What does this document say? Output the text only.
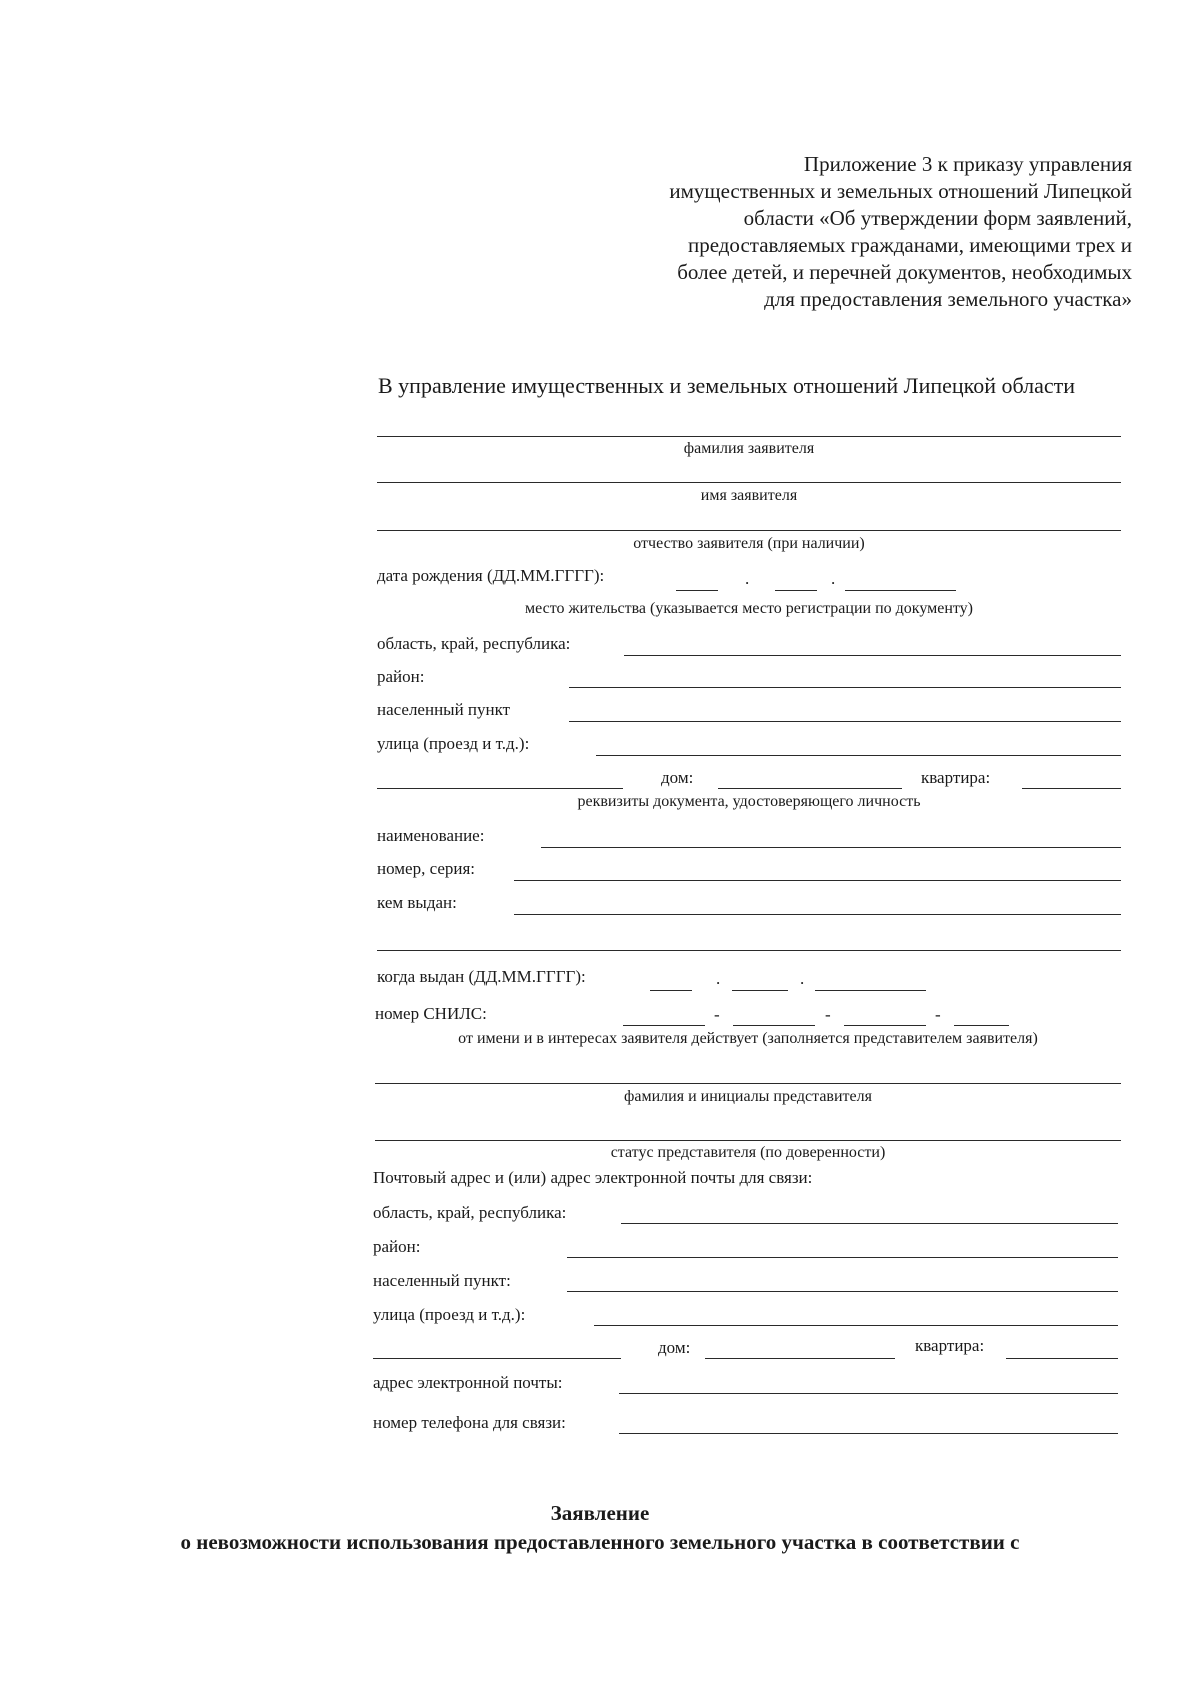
Приложение 3 к приказу управления
имущественных и земельных отношений Липецкой
области «Об утверждении форм заявлений,
предоставляемых гражданами, имеющими трех и
более детей, и перечней документов, необходимых
для предоставления земельного участка»
В управление имущественных и земельных отношений Липецкой области
фамилия заявителя
имя заявителя
отчество заявителя (при наличии)
дата рождения (ДД.ММ.ГГГГ):	.	.
место жительства (указывается место регистрации по документу)
область, край, республика:
район:
населенный пункт
улица (проезд и т.д.):
дом:	квартира:
реквизиты документа, удостоверяющего личность
наименование:
номер, серия:
кем выдан:
когда выдан (ДД.ММ.ГГГГ):	.	.
номер СНИЛС:	-	-	-
от имени и в интересах заявителя действует (заполняется представителем заявителя)
фамилия и инициалы представителя
статус представителя (по доверенности)
Почтовый адрес и (или) адрес электронной почты для связи:
область, край, республика:
район:
населенный пункт:
улица (проезд и т.д.):
дом:	квартира:
адрес электронной почты:
номер телефона для связи:
Заявление
о невозможности использования предоставленного земельного участка в соответствии с
